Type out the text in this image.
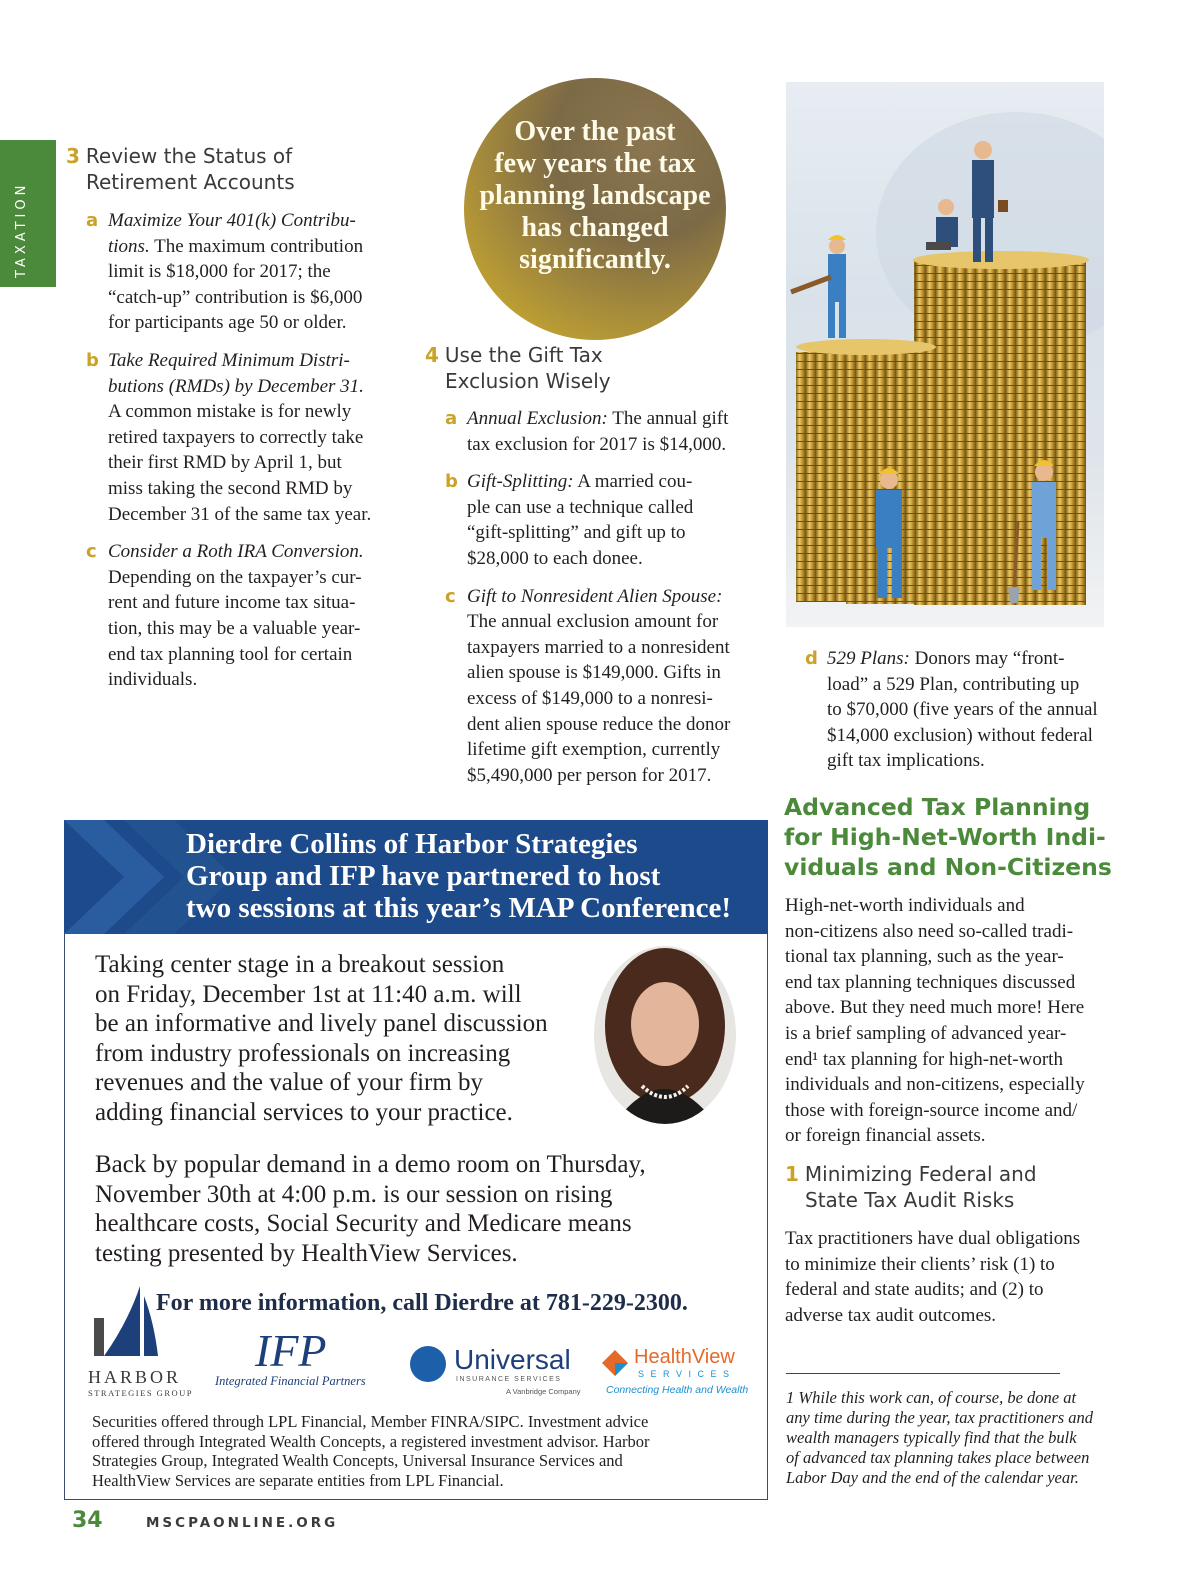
TAXATION
3 Review the Status of
Retirement Accounts
a Maximize Your 401(k) Contribu-
tions. The maximum contribution
limit is $18,000 for 2017; the
“catch-up” contribution is $6,000
for participants age 50 or older.
b Take Required Minimum Distri-
butions (RMDs) by December 31.
A common mistake is for newly
retired taxpayers to correctly take
their first RMD by April 1, but
miss taking the second RMD by
December 31 of the same tax year.
c Consider a Roth IRA Conversion.
Depending on the taxpayer’s cur-
rent and future income tax situa-
tion, this may be a valuable year-
end tax planning tool for certain
individuals.
Over the past
few years the tax
planning landscape
has changed
significantly.
4 Use the Gift Tax
Exclusion Wisely
a Annual Exclusion: The annual gift
tax exclusion for 2017 is $14,000.
b Gift-Splitting: A married cou-
ple can use a technique called
“gift-splitting” and gift up to
$28,000 to each donee.
c Gift to Nonresident Alien Spouse:
The annual exclusion amount for
taxpayers married to a nonresident
alien spouse is $149,000. Gifts in
excess of $149,000 to a nonresi-
dent alien spouse reduce the donor
lifetime gift exemption, currently
$5,490,000 per person for 2017.
d 529 Plans: Donors may “front-
load” a 529 Plan, contributing up
to $70,000 (five years of the annual
$14,000 exclusion) without federal
gift tax implications.
Advanced Tax Planning
for High-Net-Worth Indi-
viduals and Non-Citizens
High-net-worth individuals and
non-citizens also need so-called tradi-
tional tax planning, such as the year-
end tax planning techniques discussed
above. But they need much more! Here
is a brief sampling of advanced year-
end¹ tax planning for high-net-worth
individuals and non-citizens, especially
those with foreign-source income and/
or foreign financial assets.
1 Minimizing Federal and
State Tax Audit Risks
Tax practitioners have dual obligations
to minimize their clients’ risk (1) to
federal and state audits; and (2) to
adverse tax audit outcomes.
1 While this work can, of course, be done at
any time during the year, tax practitioners and
wealth managers typically find that the bulk
of advanced tax planning takes place between
Labor Day and the end of the calendar year.
Dierdre Collins of Harbor Strategies
Group and IFP have partnered to host
two sessions at this year’s MAP Conference!
Taking center stage in a breakout session
on Friday, December 1st at 11:40 a.m. will
be an informative and lively panel discussion
from industry professionals on increasing
revenues and the value of your firm by
adding financial services to your practice.
Back by popular demand in a demo room on Thursday,
November 30th at 4:00 p.m. is our session on rising
healthcare costs, Social Security and Medicare means
testing presented by HealthView Services.
For more information, call Dierdre at 781-229-2300.
HARBOR
STRATEGIES GROUP
IFP
Integrated Financial Partners
Universal
INSURANCE SERVICES
A Vanbridge Company
HealthView
S E R V I C E S
Connecting Health and Wealth
Securities offered through LPL Financial, Member FINRA/SIPC. Investment advice
offered through Integrated Wealth Concepts, a registered investment advisor. Harbor
Strategies Group, Integrated Wealth Concepts, Universal Insurance Services and
HealthView Services are separate entities from LPL Financial.
34	MSCPAONLINE.ORG
